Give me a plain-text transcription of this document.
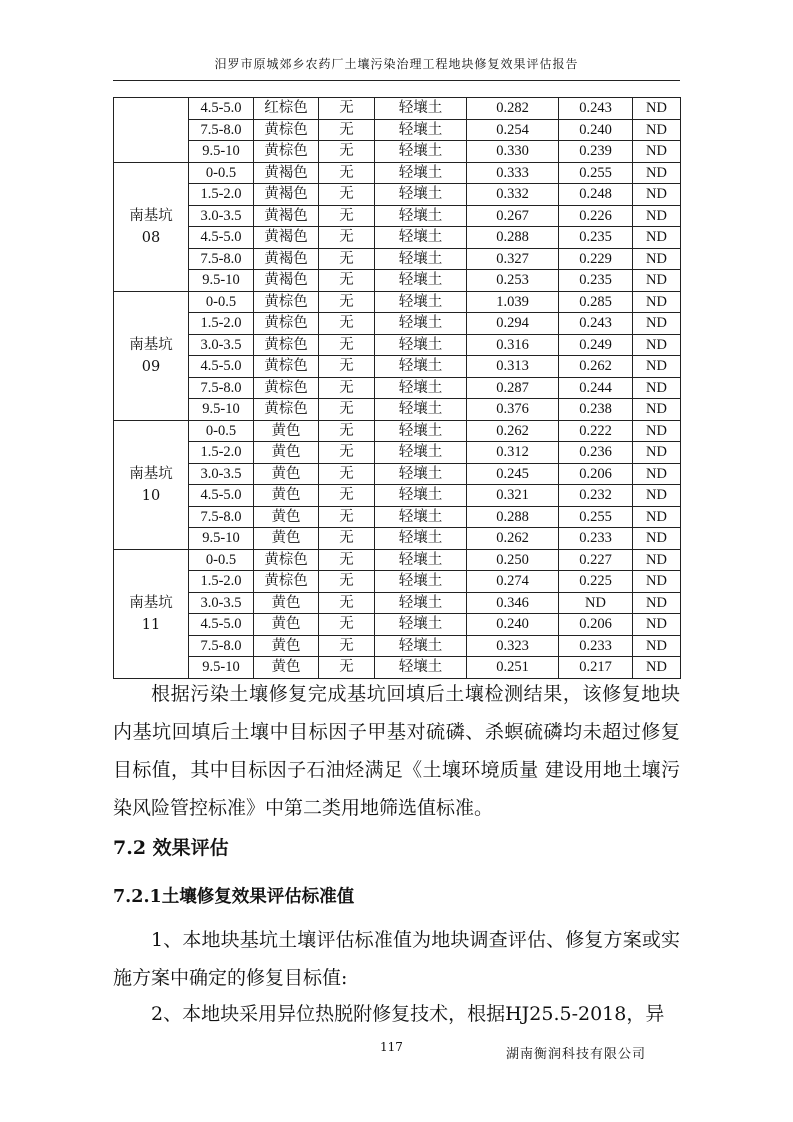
汨罗市原城郊乡农药厂土壤污染治理工程地块修复效果评估报告
	4.5-5.0	红棕色	无	轻壤土	0.282	0.243	ND
	7.5-8.0	黄棕色	无	轻壤土	0.254	0.240	ND
	9.5-10	黄棕色	无	轻壤土	0.330	0.239	ND
南基坑
08	0-0.5	黄褐色	无	轻壤土	0.333	0.255	ND
	1.5-2.0	黄褐色	无	轻壤土	0.332	0.248	ND
	3.0-3.5	黄褐色	无	轻壤土	0.267	0.226	ND
	4.5-5.0	黄褐色	无	轻壤土	0.288	0.235	ND
	7.5-8.0	黄褐色	无	轻壤土	0.327	0.229	ND
	9.5-10	黄褐色	无	轻壤土	0.253	0.235	ND
南基坑
09	0-0.5	黄棕色	无	轻壤土	1.039	0.285	ND
	1.5-2.0	黄棕色	无	轻壤土	0.294	0.243	ND
	3.0-3.5	黄棕色	无	轻壤土	0.316	0.249	ND
	4.5-5.0	黄棕色	无	轻壤土	0.313	0.262	ND
	7.5-8.0	黄棕色	无	轻壤土	0.287	0.244	ND
	9.5-10	黄棕色	无	轻壤土	0.376	0.238	ND
南基坑
10	0-0.5	黄色	无	轻壤土	0.262	0.222	ND
	1.5-2.0	黄色	无	轻壤土	0.312	0.236	ND
	3.0-3.5	黄色	无	轻壤土	0.245	0.206	ND
	4.5-5.0	黄色	无	轻壤土	0.321	0.232	ND
	7.5-8.0	黄色	无	轻壤土	0.288	0.255	ND
	9.5-10	黄色	无	轻壤土	0.262	0.233	ND
南基坑
11	0-0.5	黄棕色	无	轻壤土	0.250	0.227	ND
	1.5-2.0	黄棕色	无	轻壤土	0.274	0.225	ND
	3.0-3.5	黄色	无	轻壤土	0.346	ND	ND
	4.5-5.0	黄色	无	轻壤土	0.240	0.206	ND
	7.5-8.0	黄色	无	轻壤土	0.323	0.233	ND
	9.5-10	黄色	无	轻壤土	0.251	0.217	ND
根据污染土壤修复完成基坑回填后土壤检测结果，该修复地块内基坑回填后土壤中目标因子甲基对硫磷、杀螟硫磷均未超过修复目标值，其中目标因子石油烃满足《土壤环境质量 建设用地土壤污染风险管控标准》中第二类用地筛选值标准。
7.2 效果评估
7.2.1土壤修复效果评估标准值
1、本地块基坑土壤评估标准值为地块调查评估、修复方案或实施方案中确定的修复目标值:
2、本地块采用异位热脱附修复技术，根据HJ25.5-2018，异
117	湖南衡润科技有限公司
